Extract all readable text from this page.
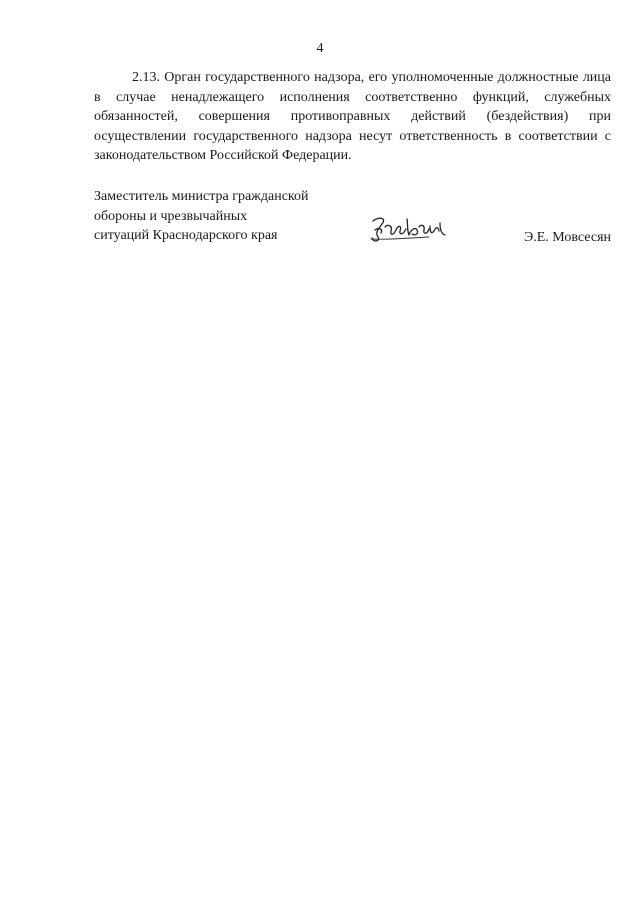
4

2.13. Орган государственного надзора, его уполномоченные должностные лица в случае ненадлежащего исполнения соответственно функций, служебных обязанностей, совершения противоправных действий (бездействия) при осуществлении государственного надзора несут ответственность в соответствии с законодательством Российской Федерации.

Заместитель министра гражданской
обороны и чрезвычайных
ситуаций Краснодарского края	Э.Е. Мовсесян
